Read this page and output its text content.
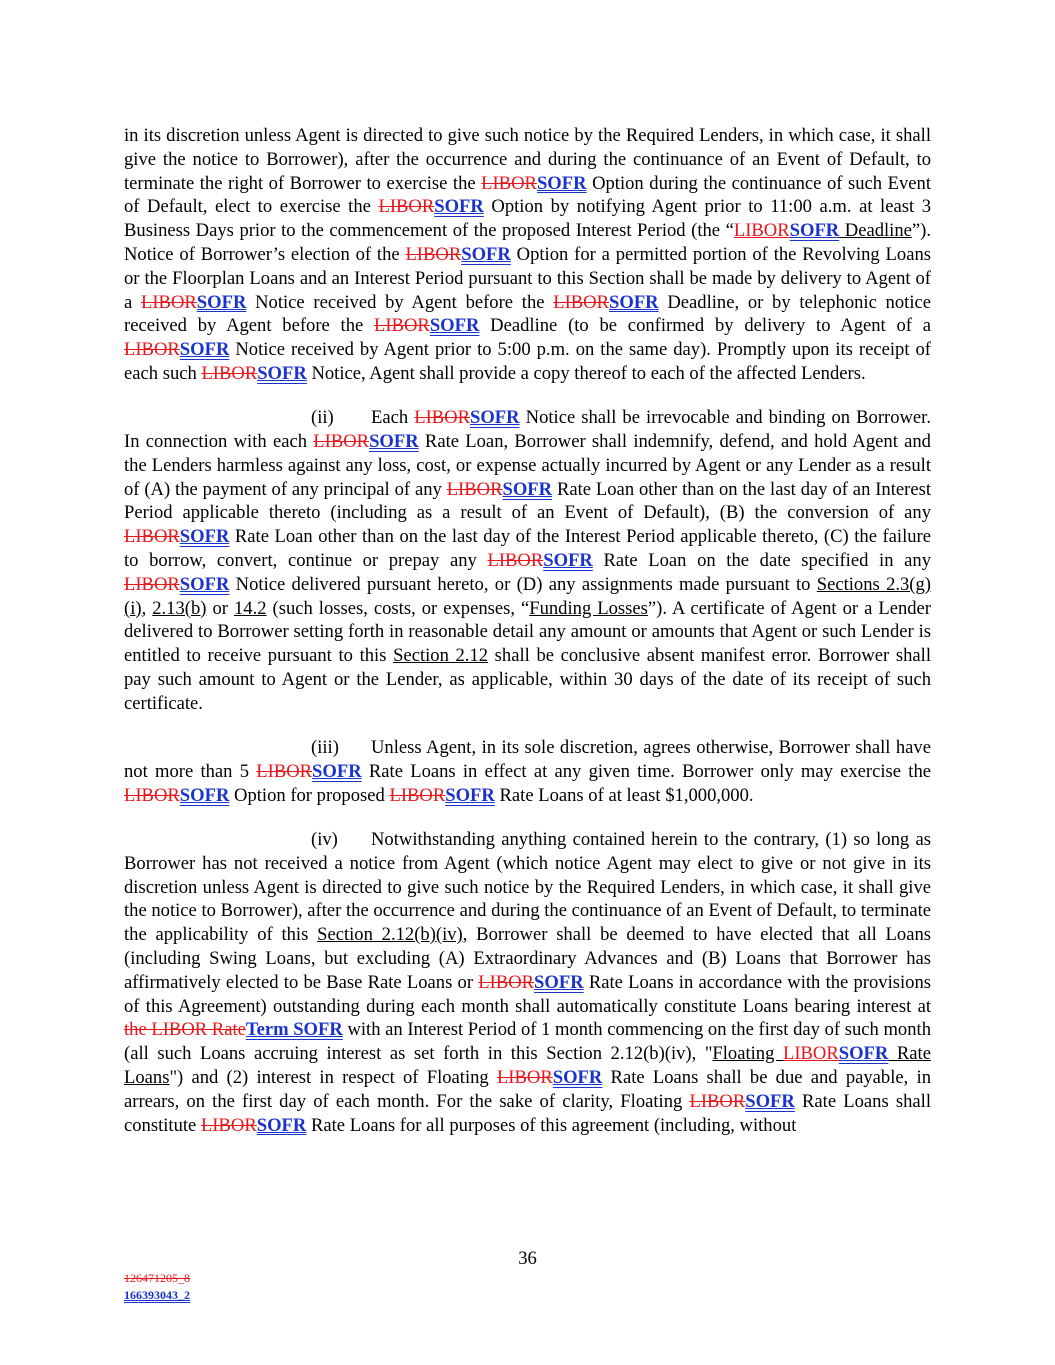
in its discretion unless Agent is directed to give such notice by the Required Lenders, in which case, it shall give the notice to Borrower), after the occurrence and during the continuance of an Event of Default, to terminate the right of Borrower to exercise the LIBORSOFR Option during the continuance of such Event of Default, elect to exercise the LIBORSOFR Option by notifying Agent prior to 11:00 a.m. at least 3 Business Days prior to the commencement of the proposed Interest Period (the “LIBORSOFR Deadline”). Notice of Borrower’s election of the LIBORSOFR Option for a permitted portion of the Revolving Loans or the Floorplan Loans and an Interest Period pursuant to this Section shall be made by delivery to Agent of a LIBORSOFR Notice received by Agent before the LIBORSOFR Deadline, or by telephonic notice received by Agent before the LIBORSOFR Deadline (to be confirmed by delivery to Agent of a LIBORSOFR Notice received by Agent prior to 5:00 p.m. on the same day). Promptly upon its receipt of each such LIBORSOFR Notice, Agent shall provide a copy thereof to each of the affected Lenders.

(ii) Each LIBORSOFR Notice shall be irrevocable and binding on Borrower. In connection with each LIBORSOFR Rate Loan, Borrower shall indemnify, defend, and hold Agent and the Lenders harmless against any loss, cost, or expense actually incurred by Agent or any Lender as a result of (A) the payment of any principal of any LIBORSOFR Rate Loan other than on the last day of an Interest Period applicable thereto (including as a result of an Event of Default), (B) the conversion of any LIBORSOFR Rate Loan other than on the last day of the Interest Period applicable thereto, (C) the failure to borrow, convert, continue or prepay any LIBORSOFR Rate Loan on the date specified in any LIBORSOFR Notice delivered pursuant hereto, or (D) any assignments made pursuant to Sections 2.3(g)(i), 2.13(b) or 14.2 (such losses, costs, or expenses, “Funding Losses”). A certificate of Agent or a Lender delivered to Borrower setting forth in reasonable detail any amount or amounts that Agent or such Lender is entitled to receive pursuant to this Section 2.12 shall be conclusive absent manifest error. Borrower shall pay such amount to Agent or the Lender, as applicable, within 30 days of the date of its receipt of such certificate.

(iii) Unless Agent, in its sole discretion, agrees otherwise, Borrower shall have not more than 5 LIBORSOFR Rate Loans in effect at any given time. Borrower only may exercise the LIBORSOFR Option for proposed LIBORSOFR Rate Loans of at least $1,000,000.

(iv) Notwithstanding anything contained herein to the contrary, (1) so long as Borrower has not received a notice from Agent (which notice Agent may elect to give or not give in its discretion unless Agent is directed to give such notice by the Required Lenders, in which case, it shall give the notice to Borrower), after the occurrence and during the continuance of an Event of Default, to terminate the applicability of this Section 2.12(b)(iv), Borrower shall be deemed to have elected that all Loans (including Swing Loans, but excluding (A) Extraordinary Advances and (B) Loans that Borrower has affirmatively elected to be Base Rate Loans or LIBORSOFR Rate Loans in accordance with the provisions of this Agreement) outstanding during each month shall automatically constitute Loans bearing interest at the LIBOR RateTerm SOFR with an Interest Period of 1 month commencing on the first day of such month (all such Loans accruing interest as set forth in this Section 2.12(b)(iv), "Floating LIBORSOFR Rate Loans") and (2) interest in respect of Floating LIBORSOFR Rate Loans shall be due and payable, in arrears, on the first day of each month. For the sake of clarity, Floating LIBORSOFR Rate Loans shall constitute LIBORSOFR Rate Loans for all purposes of this agreement (including, without

36
126471205_8
166393043_2
